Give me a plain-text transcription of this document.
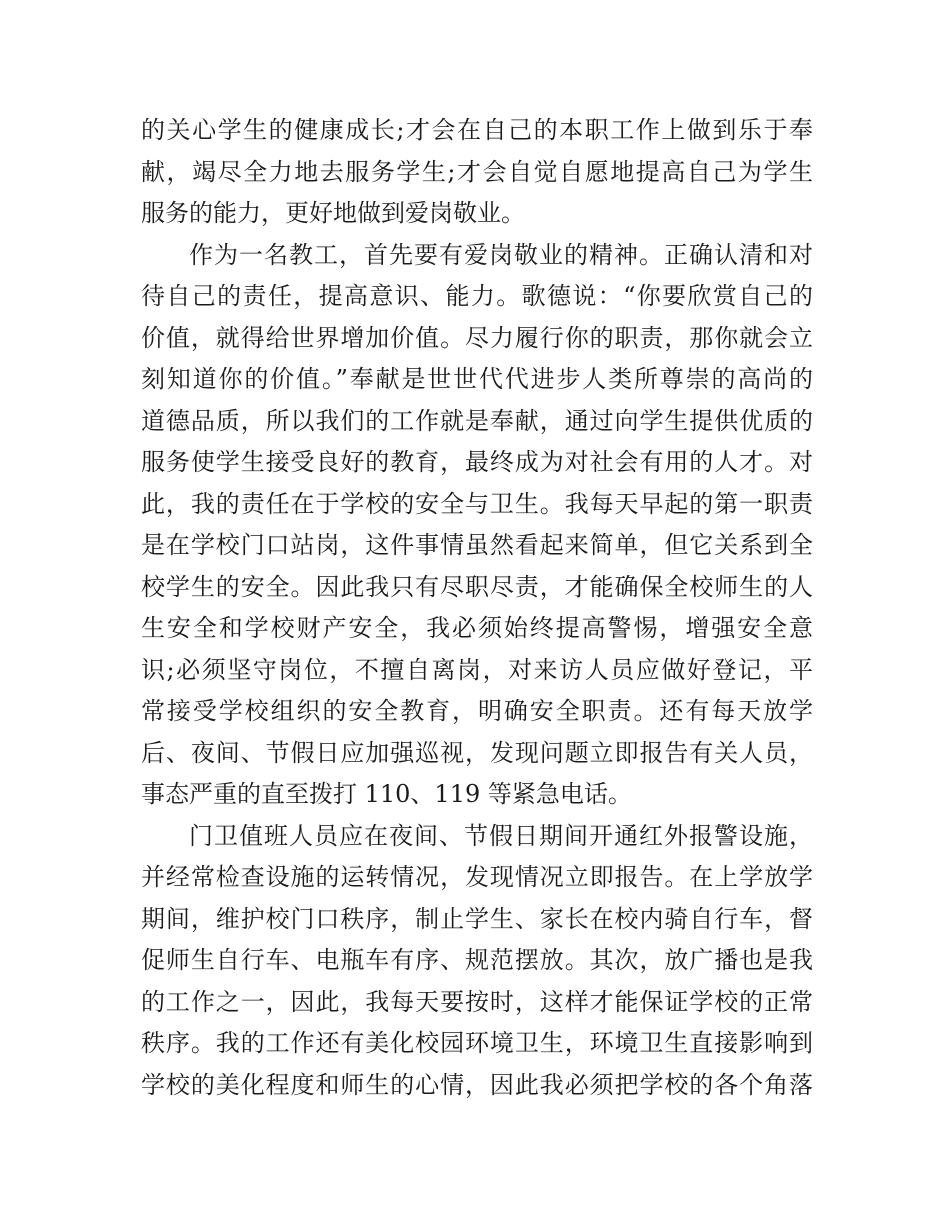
的关心学生的健康成长;才会在自己的本职工作上做到乐于奉
献，竭尽全力地去服务学生;才会自觉自愿地提高自己为学生
服务的能力，更好地做到爱岗敬业。
作为一名教工，首先要有爱岗敬业的精神。正确认清和对
待自己的责任，提高意识、能力。歌德说：“你要欣赏自己的
价值，就得给世界增加价值。尽力履行你的职责，那你就会立
刻知道你的价值。”奉献是世世代代进步人类所尊崇的高尚的
道德品质，所以我们的工作就是奉献，通过向学生提供优质的
服务使学生接受良好的教育，最终成为对社会有用的人才。对
此，我的责任在于学校的安全与卫生。我每天早起的第一职责
是在学校门口站岗，这件事情虽然看起来简单，但它关系到全
校学生的安全。因此我只有尽职尽责，才能确保全校师生的人
生安全和学校财产安全，我必须始终提高警惕，增强安全意
识;必须坚守岗位，不擅自离岗，对来访人员应做好登记，平
常接受学校组织的安全教育，明确安全职责。还有每天放学
后、夜间、节假日应加强巡视，发现问题立即报告有关人员，
事态严重的直至拨打 110、119 等紧急电话。
门卫值班人员应在夜间、节假日期间开通红外报警设施，
并经常检查设施的运转情况，发现情况立即报告。在上学放学
期间，维护校门口秩序，制止学生、家长在校内骑自行车，督
促师生自行车、电瓶车有序、规范摆放。其次，放广播也是我
的工作之一，因此，我每天要按时，这样才能保证学校的正常
秩序。我的工作还有美化校园环境卫生，环境卫生直接影响到
学校的美化程度和师生的心情，因此我必须把学校的各个角落
